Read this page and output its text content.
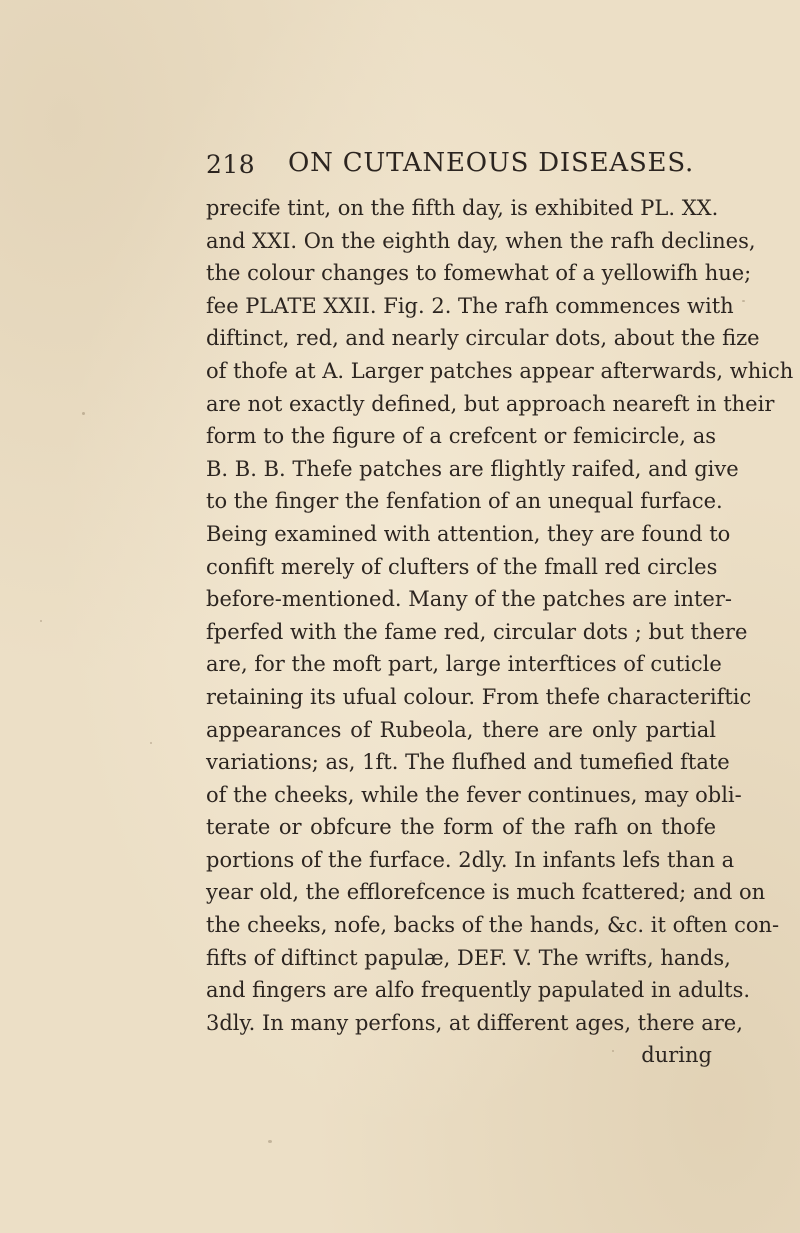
218 ON CUTANEOUS DISEASES.
precife tint, on the fifth day, is exhibited PL. XX.
and XXI. On the eighth day, when the rafh declines,
the colour changes to fomewhat of a yellowifh hue;
fee PLATE XXII. Fig. 2. The rafh commences with
diftinct, red, and nearly circular dots, about the fize
of thofe at A. Larger patches appear afterwards, which
are not exactly defined, but approach neareft in their
form to the figure of a crefcent or femicircle, as
B. B. B. Thefe patches are flightly raifed, and give
to the finger the fenfation of an unequal furface.
Being examined with attention, they are found to
confift merely of clufters of the fmall red circles
before-mentioned. Many of the patches are inter-
fperfed with the fame red, circular dots ; but there
are, for the moft part, large interftices of cuticle
retaining its ufual colour. From thefe characteriftic
appearances of Rubeola, there are only partial
variations; as, 1ft. The flufhed and tumefied ftate
of the cheeks, while the fever continues, may obli-
terate or obfcure the form of the rafh on thofe
portions of the furface. 2dly. In infants lefs than a
year old, the efflorefcence is much fcattered; and on
the cheeks, nofe, backs of the hands, &c. it often con-
fifts of diftinct papulæ, DEF. V. The wrifts, hands,
and fingers are alfo frequently papulated in adults.
3dly. In many perfons, at different ages, there are,
during
